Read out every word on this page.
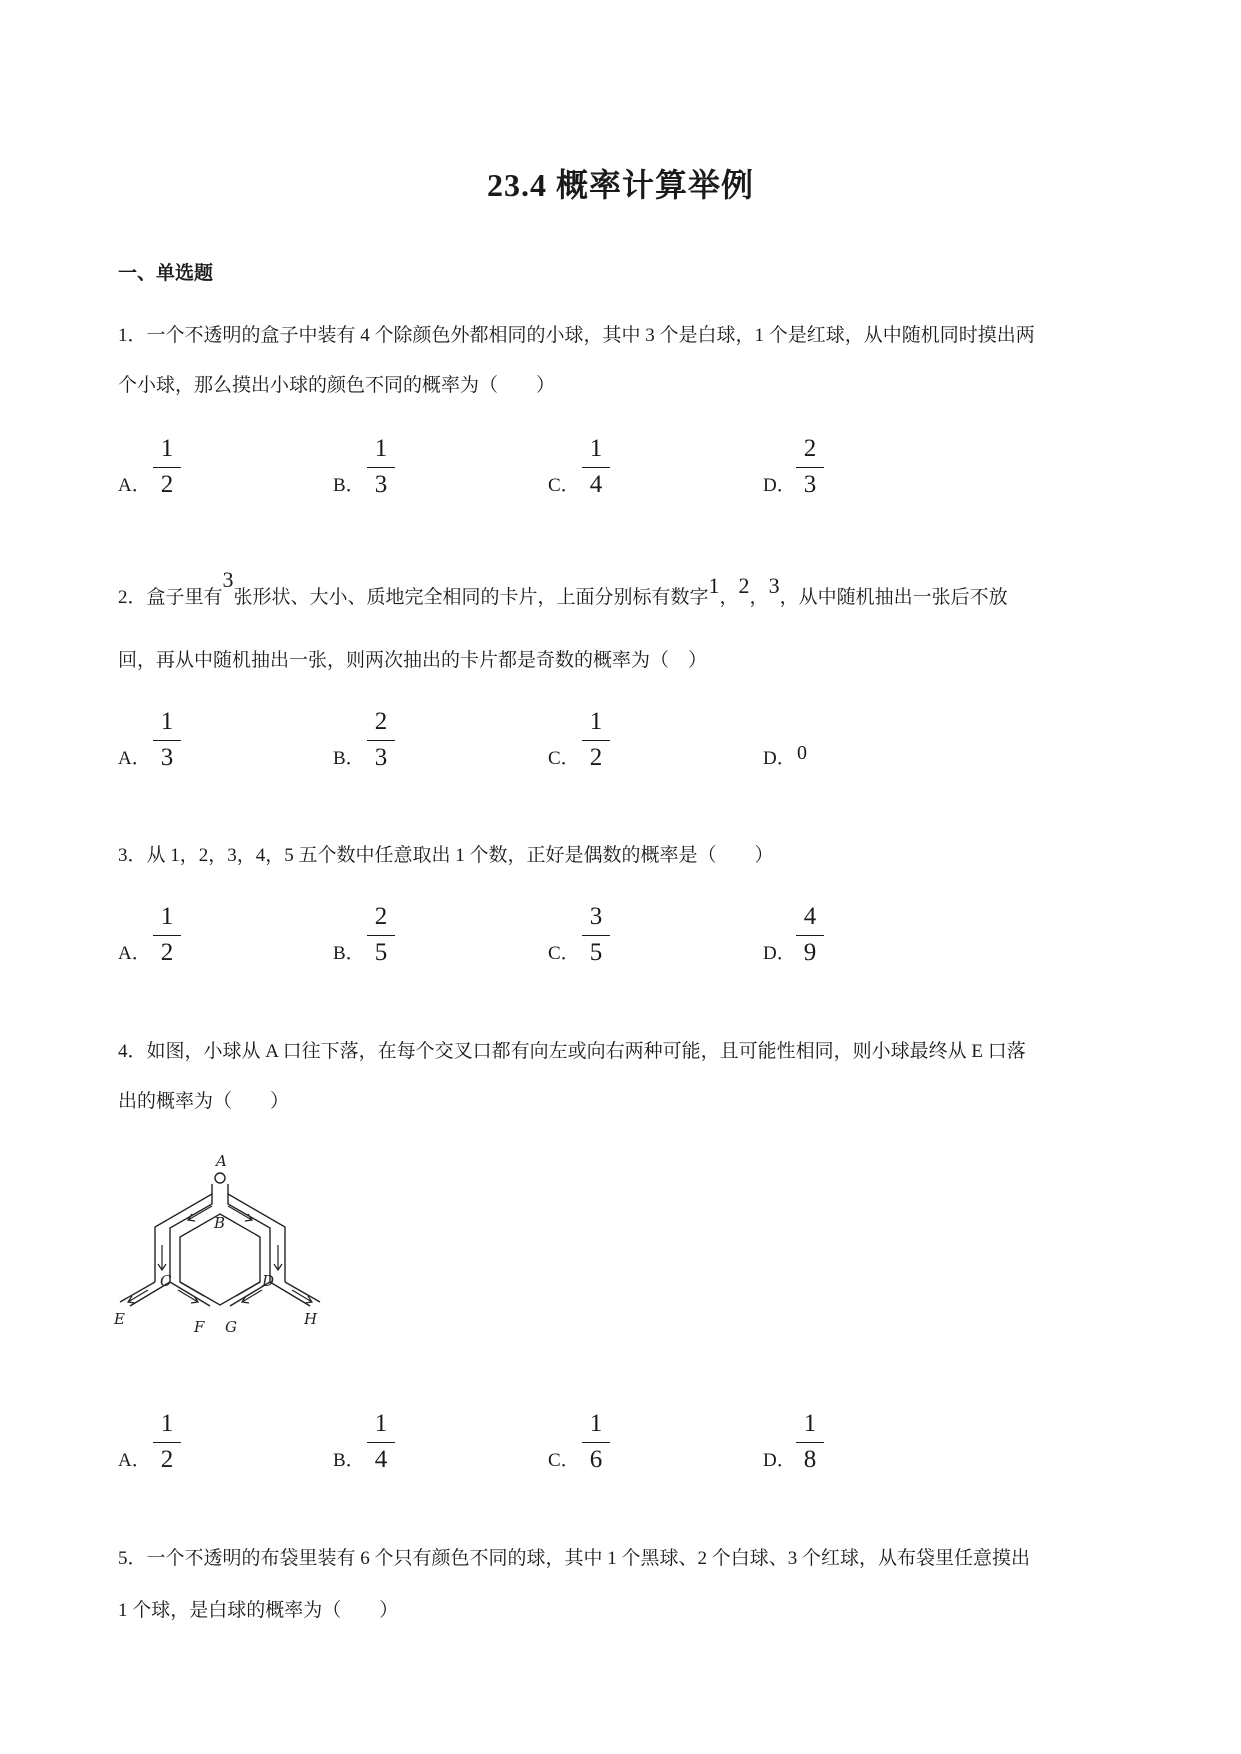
23.4 概率计算举例
一、单选题
1．一个不透明的盒子中装有 4 个除颜色外都相同的小球，其中 3 个是白球，1 个是红球，从中随机同时摸出两
个小球，那么摸出小球的颜色不同的概率为（　　）
A．
1
2	B．
1
3	C．
1
4	D．
2
3
2．盒子里有3张形状、大小、质地完全相同的卡片，上面分别标有数字1，2，3，从中随机抽出一张后不放
回，再从中随机抽出一张，则两次抽出的卡片都是奇数的概率为（　）
A．
1
3	B．
2
3	C．
1
2	D． 0
3．从 1，2，3，4，5 五个数中任意取出 1 个数，正好是偶数的概率是（　　）
A．
1
2	B．
2
5	C．
3
5	D．
4
9
4．如图，小球从 A 口往下落，在每个交叉口都有向左或向右两种可能，且可能性相同，则小球最终从 E 口落
出的概率为（　　）
A
B
C	D
E	F G	H
A．
1
2	B．
1
4	C．
1
6	D．
1
8
5．一个不透明的布袋里装有 6 个只有颜色不同的球，其中 1 个黑球、2 个白球、3 个红球，从布袋里任意摸出
1 个球，是白球的概率为（　　）
